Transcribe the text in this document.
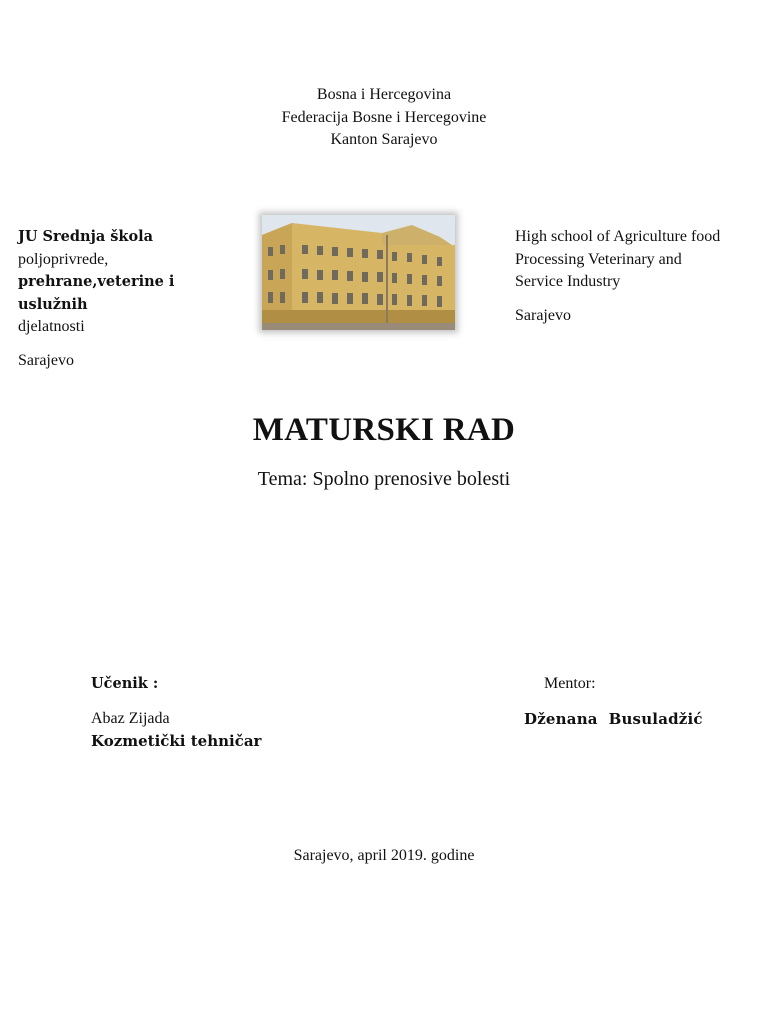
Bosna i Hercegovina
Federacija Bosne i Hercegovine
Kanton Sarajevo
JU Srednja škola
poljoprivrede,
prehrane,veterine i uslužnih
djelatnosti
Sarajevo
High school of Agriculture food
Processing Veterinary and
Service Industry
Sarajevo
MATURSKI RAD
Tema: Spolno prenosive bolesti
Učenik :
Abaz Zijada
Kozmetički tehničar
Mentor:
Dženana  Busuladžić
Sarajevo, april 2019. godine
